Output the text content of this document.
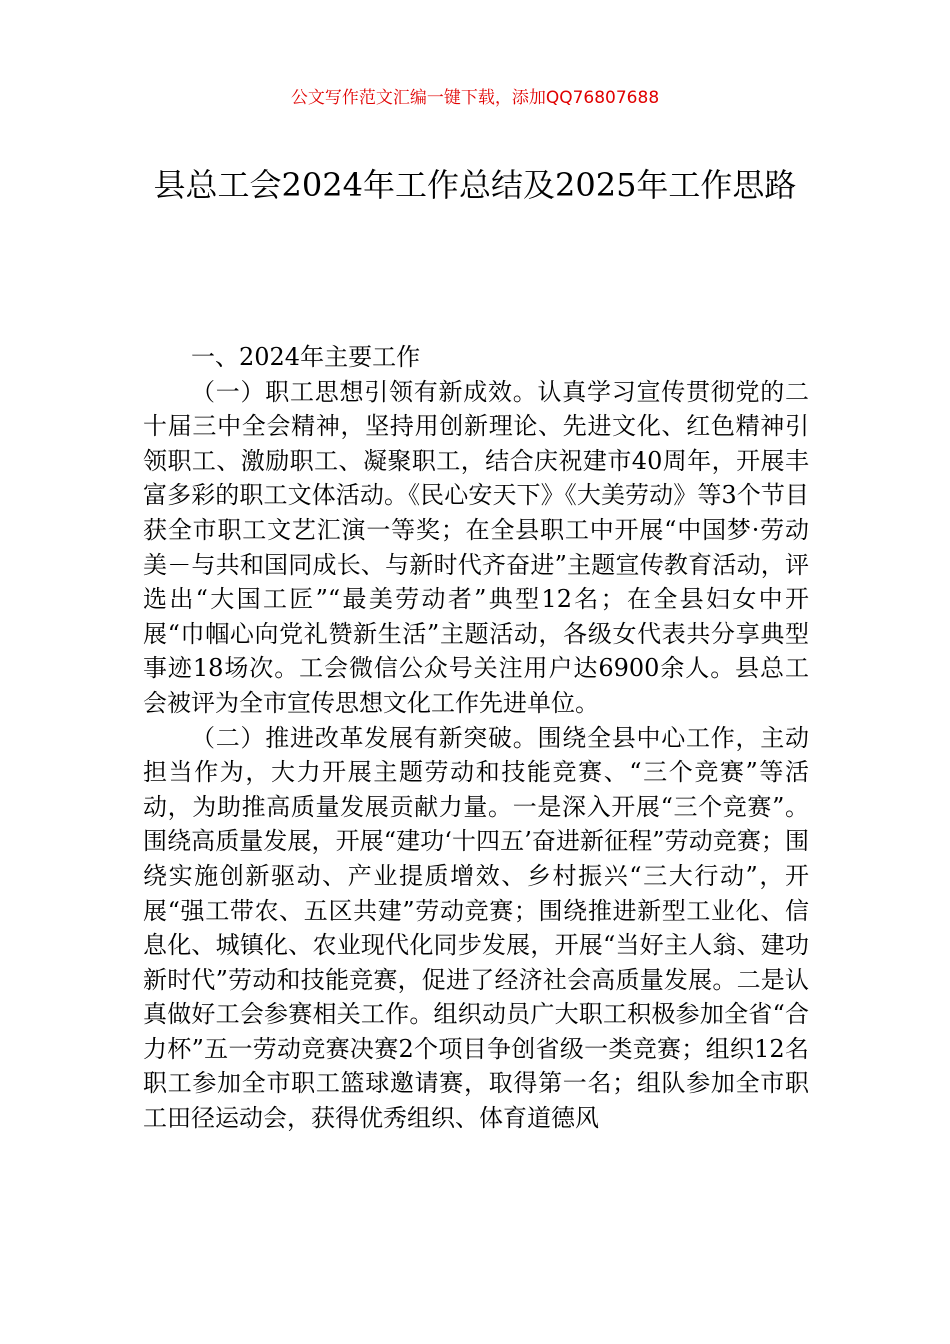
公文写作范文汇编一键下载，添加QQ76807688
县总工会2024年工作总结及2025年工作思路
一、2024年主要工作

（一）职工思想引领有新成效。认真学习宣传贯彻党的二十届三中全会精神，坚持用创新理论、先进文化、红色精神引领职工、激励职工、凝聚职工，结合庆祝建市40周年，开展丰富多彩的职工文体活动。《民心安天下》《大美劳动》等3个节目获全市职工文艺汇演一等奖；在全县职工中开展“中国梦·劳动美－与共和国同成长、与新时代齐奋进”主题宣传教育活动，评选出“大国工匠”“最美劳动者”典型12名；在全县妇女中开展“巾帼心向党礼赞新生活”主题活动，各级女代表共分享典型事迹18场次。工会微信公众号关注用户达6900余人。县总工会被评为全市宣传思想文化工作先进单位。

（二）推进改革发展有新突破。围绕全县中心工作，主动担当作为，大力开展主题劳动和技能竞赛、“三个竞赛”等活动，为助推高质量发展贡献力量。一是深入开展“三个竞赛”。围绕高质量发展，开展“建功‘十四五’奋进新征程”劳动竞赛；围绕实施创新驱动、产业提质增效、乡村振兴“三大行动”，开展“强工带农、五区共建”劳动竞赛；围绕推进新型工业化、信息化、城镇化、农业现代化同步发展，开展“当好主人翁、建功新时代”劳动和技能竞赛，促进了经济社会高质量发展。二是认真做好工会参赛相关工作。组织动员广大职工积极参加全省“合力杯”五一劳动竞赛决赛2个项目争创省级一类竞赛；组织12名职工参加全市职工篮球邀请赛，取得第一名；组队参加全市职工田径运动会，获得优秀组织、体育道德风
